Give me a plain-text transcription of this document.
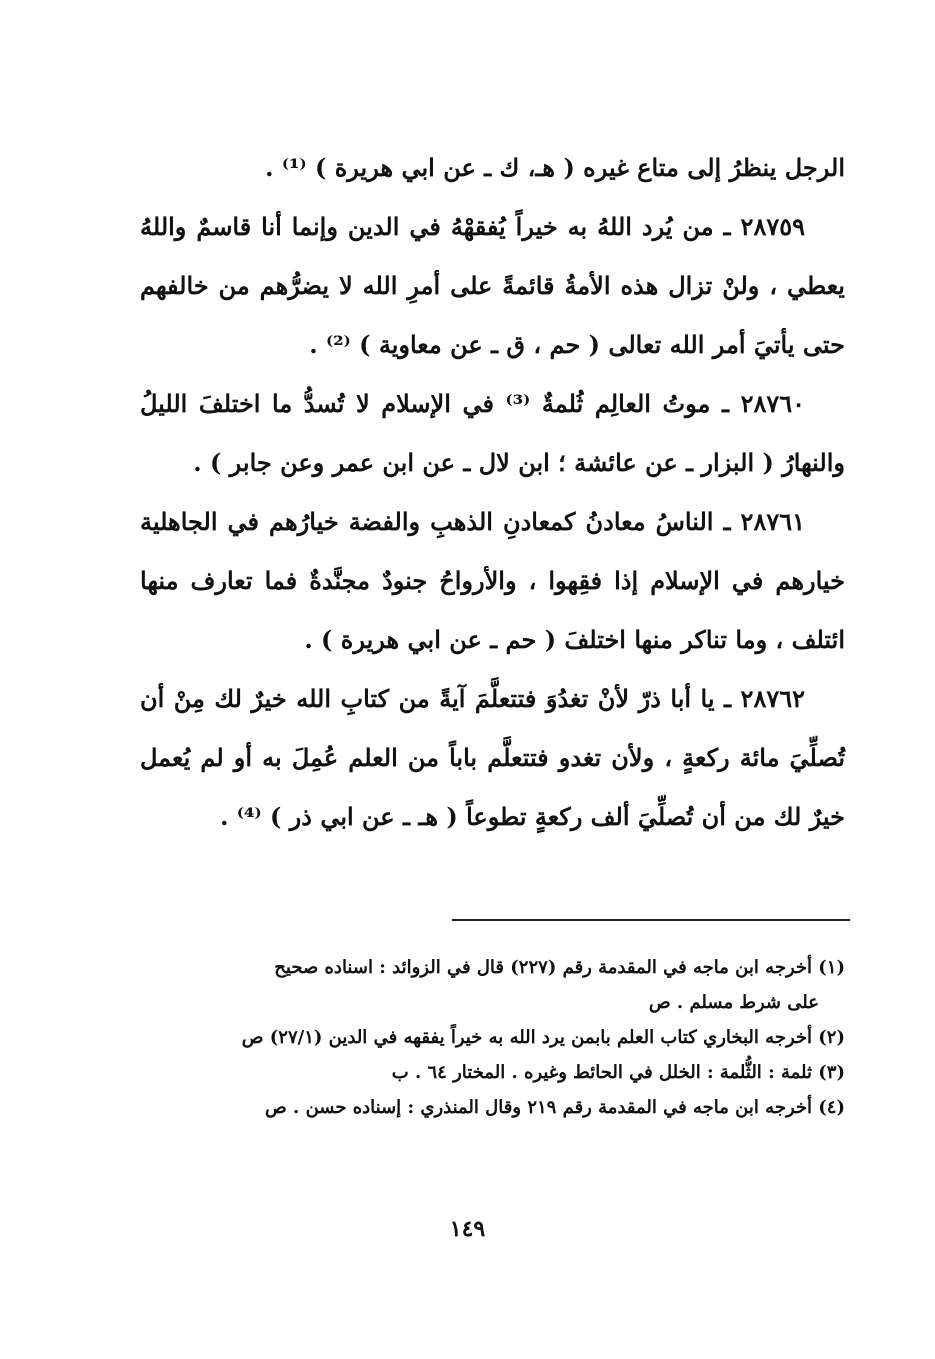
الرجل ينظرُ إلى متاع غيره ( هـ، ك ـ عن ابي هريرة ) ⁽¹⁾ .

٢٨٧٥٩ ـ من يُرد اللهُ به خيراً يُفقهْهُ في الدين وإنما أنا قاسمٌ واللهُ يعطي ، ولنْ تزال هذه الأمةُ قائمةً على أمرِ الله لا يضرُّهم من خالفهم حتى يأتيَ أمر الله تعالى ( حم ، ق ـ عن معاوية ) ⁽²⁾ .

٢٨٧٦٠ ـ موتُ العالِم ثُلمةٌ ⁽³⁾ في الإسلام لا تُسدُّ ما اختلفَ الليلُ والنهارُ ( البزار ـ عن عائشة ؛ ابن لال ـ عن ابن عمر وعن جابر ) .

٢٨٧٦١ ـ الناسُ معادنُ كمعادنِ الذهبِ والفضة خيارُهم في الجاهلية خيارهم في الإسلام إذا فقِهوا ، والأرواحُ جنودٌ مجنَّدةٌ فما تعارف منها ائتلف ، وما تناكر منها اختلفَ ( حم ـ عن ابي هريرة ) .

٢٨٧٦٢ ـ يا أبا ذرّ لأنْ تغدُوَ فتتعلَّمَ آيةً من كتابِ الله خيرٌ لك مِنْ أن تُصلِّيَ مائة ركعةٍ ، ولأن تغدو فتتعلَّم باباً من العلم عُمِلَ به أو لم يُعمل خيرٌ لك من أن تُصلِّيَ ألف ركعةٍ تطوعاً ( هـ ـ عن ابي ذر ) ⁽⁴⁾ .

(١) أخرجه ابن ماجه في المقدمة رقم (٢٢٧) قال في الزوائد : اسناده صحيح

على شرط مسلم . ص

(٢) أخرجه البخاري كتاب العلم بابمن يرد الله به خيراً يفقهه في الدين (٢٧/١) ص

(٣) ثلمة : الثُّلمة : الخلل في الحائط وغيره . المختار ٦٤ . ب

(٤) أخرجه ابن ماجه في المقدمة رقم ٢١٩ وقال المنذري : إسناده حسن . ص

١٤٩
